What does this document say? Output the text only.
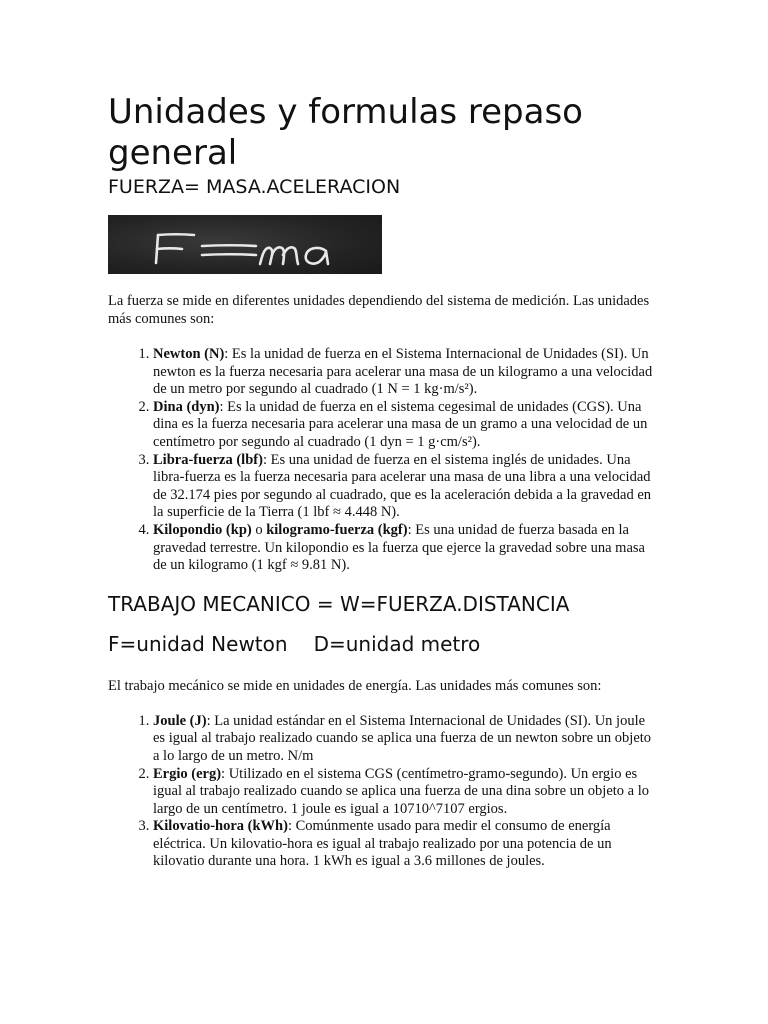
Unidades y formulas repaso general
FUERZA= MASA.ACELERACION

La fuerza se mide en diferentes unidades dependiendo del sistema de medición. Las unidades más comunes son:

1. Newton (N): Es la unidad de fuerza en el Sistema Internacional de Unidades (SI). Un newton es la fuerza necesaria para acelerar una masa de un kilogramo a una velocidad de un metro por segundo al cuadrado (1 N = 1 kg·m/s²).
2. Dina (dyn): Es la unidad de fuerza en el sistema cegesimal de unidades (CGS). Una dina es la fuerza necesaria para acelerar una masa de un gramo a una velocidad de un centímetro por segundo al cuadrado (1 dyn = 1 g·cm/s²).
3. Libra-fuerza (lbf): Es una unidad de fuerza en el sistema inglés de unidades. Una libra-fuerza es la fuerza necesaria para acelerar una masa de una libra a una velocidad de 32.174 pies por segundo al cuadrado, que es la aceleración debida a la gravedad en la superficie de la Tierra (1 lbf ≈ 4.448 N).
4. Kilopondio (kp) o kilogramo-fuerza (kgf): Es una unidad de fuerza basada en la gravedad terrestre. Un kilopondio es la fuerza que ejerce la gravedad sobre una masa de un kilogramo (1 kgf ≈ 9.81 N).
TRABAJO MECANICO = W=FUERZA.DISTANCIA
F=unidad Newton D=unidad metro

El trabajo mecánico se mide en unidades de energía. Las unidades más comunes son:

1. Joule (J): La unidad estándar en el Sistema Internacional de Unidades (SI). Un joule es igual al trabajo realizado cuando se aplica una fuerza de un newton sobre un objeto a lo largo de un metro. N/m
2. Ergio (erg): Utilizado en el sistema CGS (centímetro-gramo-segundo). Un ergio es igual al trabajo realizado cuando se aplica una fuerza de una dina sobre un objeto a lo largo de un centímetro. 1 joule es igual a 10710^7107 ergios.
3. Kilovatio-hora (kWh): Comúnmente usado para medir el consumo de energía eléctrica. Un kilovatio-hora es igual al trabajo realizado por una potencia de un kilovatio durante una hora. 1 kWh es igual a 3.6 millones de joules.
